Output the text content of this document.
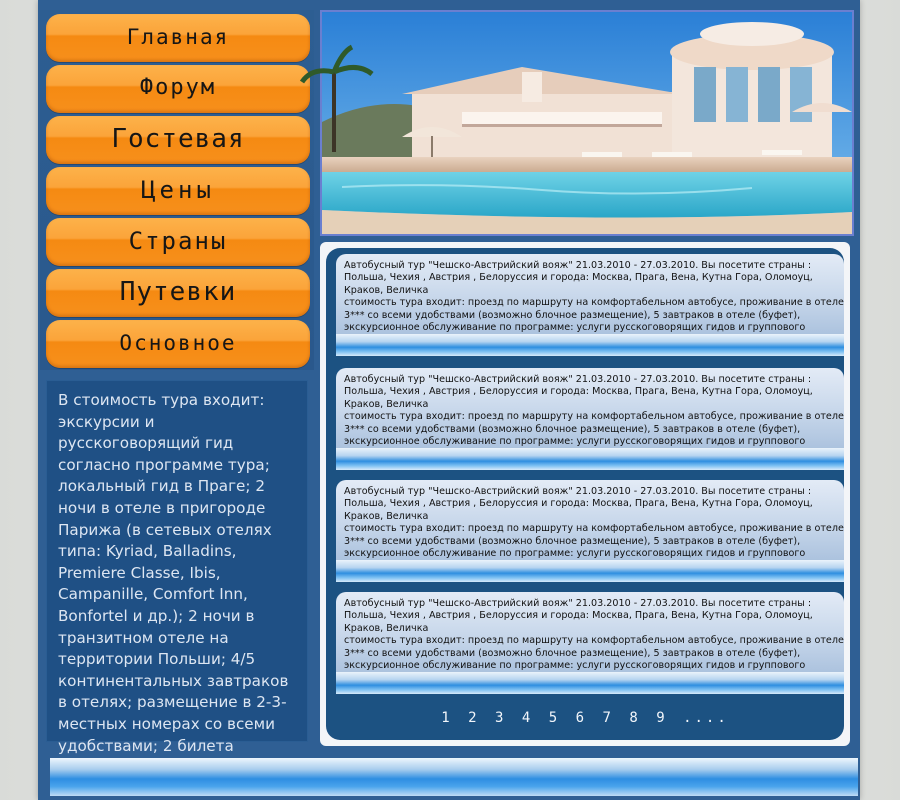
Главная
Форум
Гостевая
Цены
Страны
Путевки
Основное
В стоимость тура входит: экскурсии и русскоговорящий гид согласно программе тура; локальный гид в Праге; 2 ночи в отеле в пригороде Парижа (в сетевых отелях типа: Kyriad, Balladins, Premiere Classe, Ibis, Campanille, Comfort Inn, Bonfortel и др.); 2 ночи в транзитном отеле на территории Польши; 4/5 континентальных завтраков в отелях; размещение в 2-3-местных номерах со всеми удобствами; 2 билета
Автобусный тур "Чешско-Австрийский вояж" 21.03.2010 - 27.03.2010. Вы посетите страны : Польша, Чехия , Австрия , Белоруссия и города: Москва, Прага, Вена, Кутна Гора, Оломоуц, Краков, Величка
стоимость тура входит: проезд по маршруту на комфортабельном автобусе, проживание в отеле 3*** со всеми удобствами (возможно блочное размещение), 5 завтраков в отеле (буфет), экскурсионное обслуживание по программе: услуги русскоговорящих гидов и группового
Автобусный тур "Чешско-Австрийский вояж" 21.03.2010 - 27.03.2010. Вы посетите страны : Польша, Чехия , Австрия , Белоруссия и города: Москва, Прага, Вена, Кутна Гора, Оломоуц, Краков, Величка
стоимость тура входит: проезд по маршруту на комфортабельном автобусе, проживание в отеле 3*** со всеми удобствами (возможно блочное размещение), 5 завтраков в отеле (буфет), экскурсионное обслуживание по программе: услуги русскоговорящих гидов и группового
Автобусный тур "Чешско-Австрийский вояж" 21.03.2010 - 27.03.2010. Вы посетите страны : Польша, Чехия , Австрия , Белоруссия и города: Москва, Прага, Вена, Кутна Гора, Оломоуц, Краков, Величка
стоимость тура входит: проезд по маршруту на комфортабельном автобусе, проживание в отеле 3*** со всеми удобствами (возможно блочное размещение), 5 завтраков в отеле (буфет), экскурсионное обслуживание по программе: услуги русскоговорящих гидов и группового
Автобусный тур "Чешско-Австрийский вояж" 21.03.2010 - 27.03.2010. Вы посетите страны : Польша, Чехия , Австрия , Белоруссия и города: Москва, Прага, Вена, Кутна Гора, Оломоуц, Краков, Величка
стоимость тура входит: проезд по маршруту на комфортабельном автобусе, проживание в отеле 3*** со всеми удобствами (возможно блочное размещение), 5 завтраков в отеле (буфет), экскурсионное обслуживание по программе: услуги русскоговорящих гидов и группового
1 2 3 4 5 6 7 8 9 ....
